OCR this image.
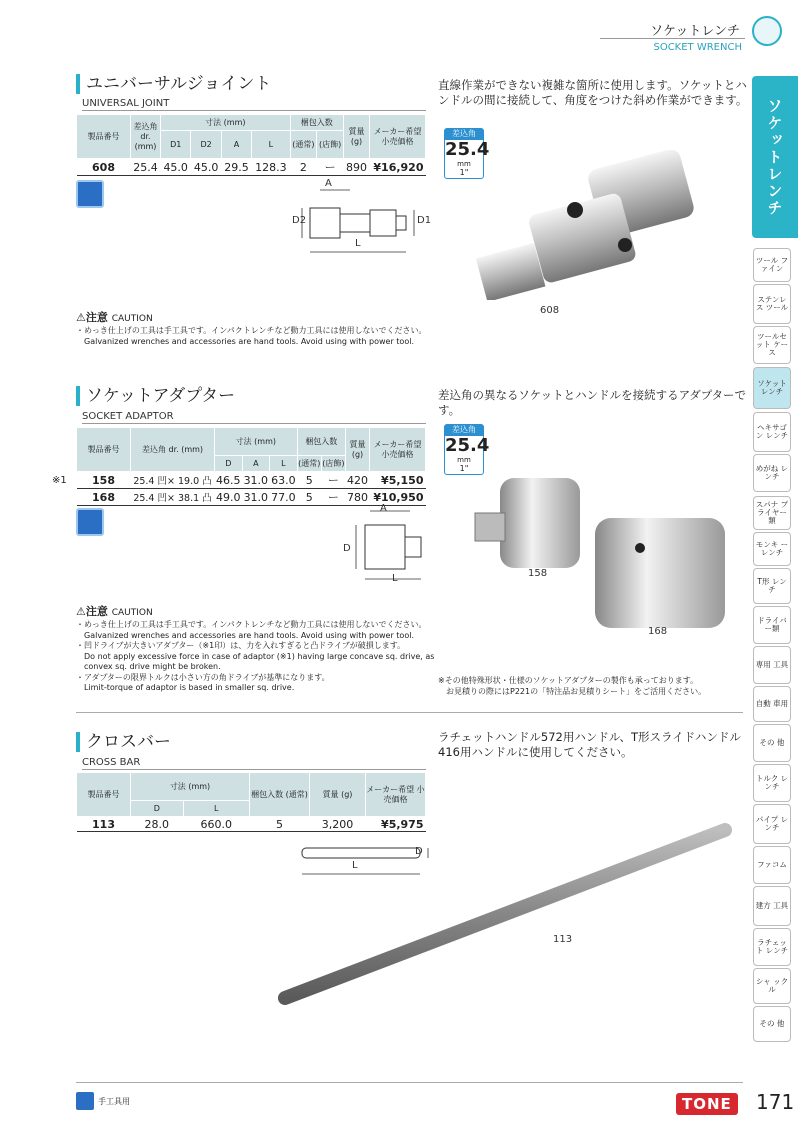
ソケットレンチ
SOCKET WRENCH
ソケットレンチ
ツール ファイン
ステンレス ツール
ツールセット ケース
ソケット レンチ
ヘキサゴン レンチ
めがね レンチ
スパナ プライヤー類
モンキ ーレンチ
T形 レンチ
ドライバー類
専用 工具
自動 車用
その 他
トルク レンチ
パイプ レンチ
ファコム
建方 工具
ラチェット レンチ
シャ ックル
その 他
ユニバーサルジョイント
UNIVERSAL JOINT
製品番号	差込角 dr. (mm)	寸法 (mm)				梱包入数		質量 (g)	メーカー希望 小売価格
		D1	D2	A	L	(通常)	(店飾)		
608	25.4	45.0	45.0	29.5	128.3	2	ー	890	¥16,920
A
D2	D1
L
直線作業ができない複雑な箇所に使用します。ソケットとハンドルの間に接続して、角度をつけた斜め作業ができます。
差込角
25.4
mm
1"
608
⚠注意 CAUTION
・めっき仕上げの工具は手工具です。インパクトレンチなど動力工具には使用しないでください。
Galvanized wrenches and accessories are hand tools. Avoid using with power tool.
ソケットアダプター
SOCKET ADAPTOR
※1
製品番号	差込角 dr. (mm)	寸法 (mm)			梱包入数		質量 (g)	メーカー希望 小売価格
		D	A	L	(通常)	(店飾)		
158	25.4 凹× 19.0 凸	46.5	31.0	63.0	5	ー	420	¥5,150
168	25.4 凹× 38.1 凸	49.0	31.0	77.0	5	ー	780	¥10,950
A
D
L
差込角の異なるソケットとハンドルを接続するアダプターです。
差込角
25.4
mm
1"
158
168
⚠注意 CAUTION
・めっき仕上げの工具は手工具です。インパクトレンチなど動力工具には使用しないでください。
Galvanized wrenches and accessories are hand tools. Avoid using with power tool.
・凹ドライブが大きいアダプター（※1印）は、力を入れすぎると凸ドライブが破損します。
Do not apply excessive force in case of adaptor (※1) having large concave sq. drive, as
convex sq. drive might be broken.
・アダプターの限界トルクは小さい方の角ドライブが基準になります。
Limit-torque of adaptor is based in smaller sq. drive.
※その他特殊形状・仕様のソケットアダプターの製作も承っております。
お見積りの際にはP221の「特注品お見積りシート」をご活用ください。
クロスバー
CROSS BAR
製品番号	寸法 (mm)		梱包入数 (通常)	質量 (g)	メーカー希望 小売価格
	D	L			
113	28.0	660.0	5	3,200	¥5,975
D
L
ラチェットハンドル572用ハンドル、T形スライドハンドル416用ハンドルに使用してください。
113
手工具用	TONE	171
